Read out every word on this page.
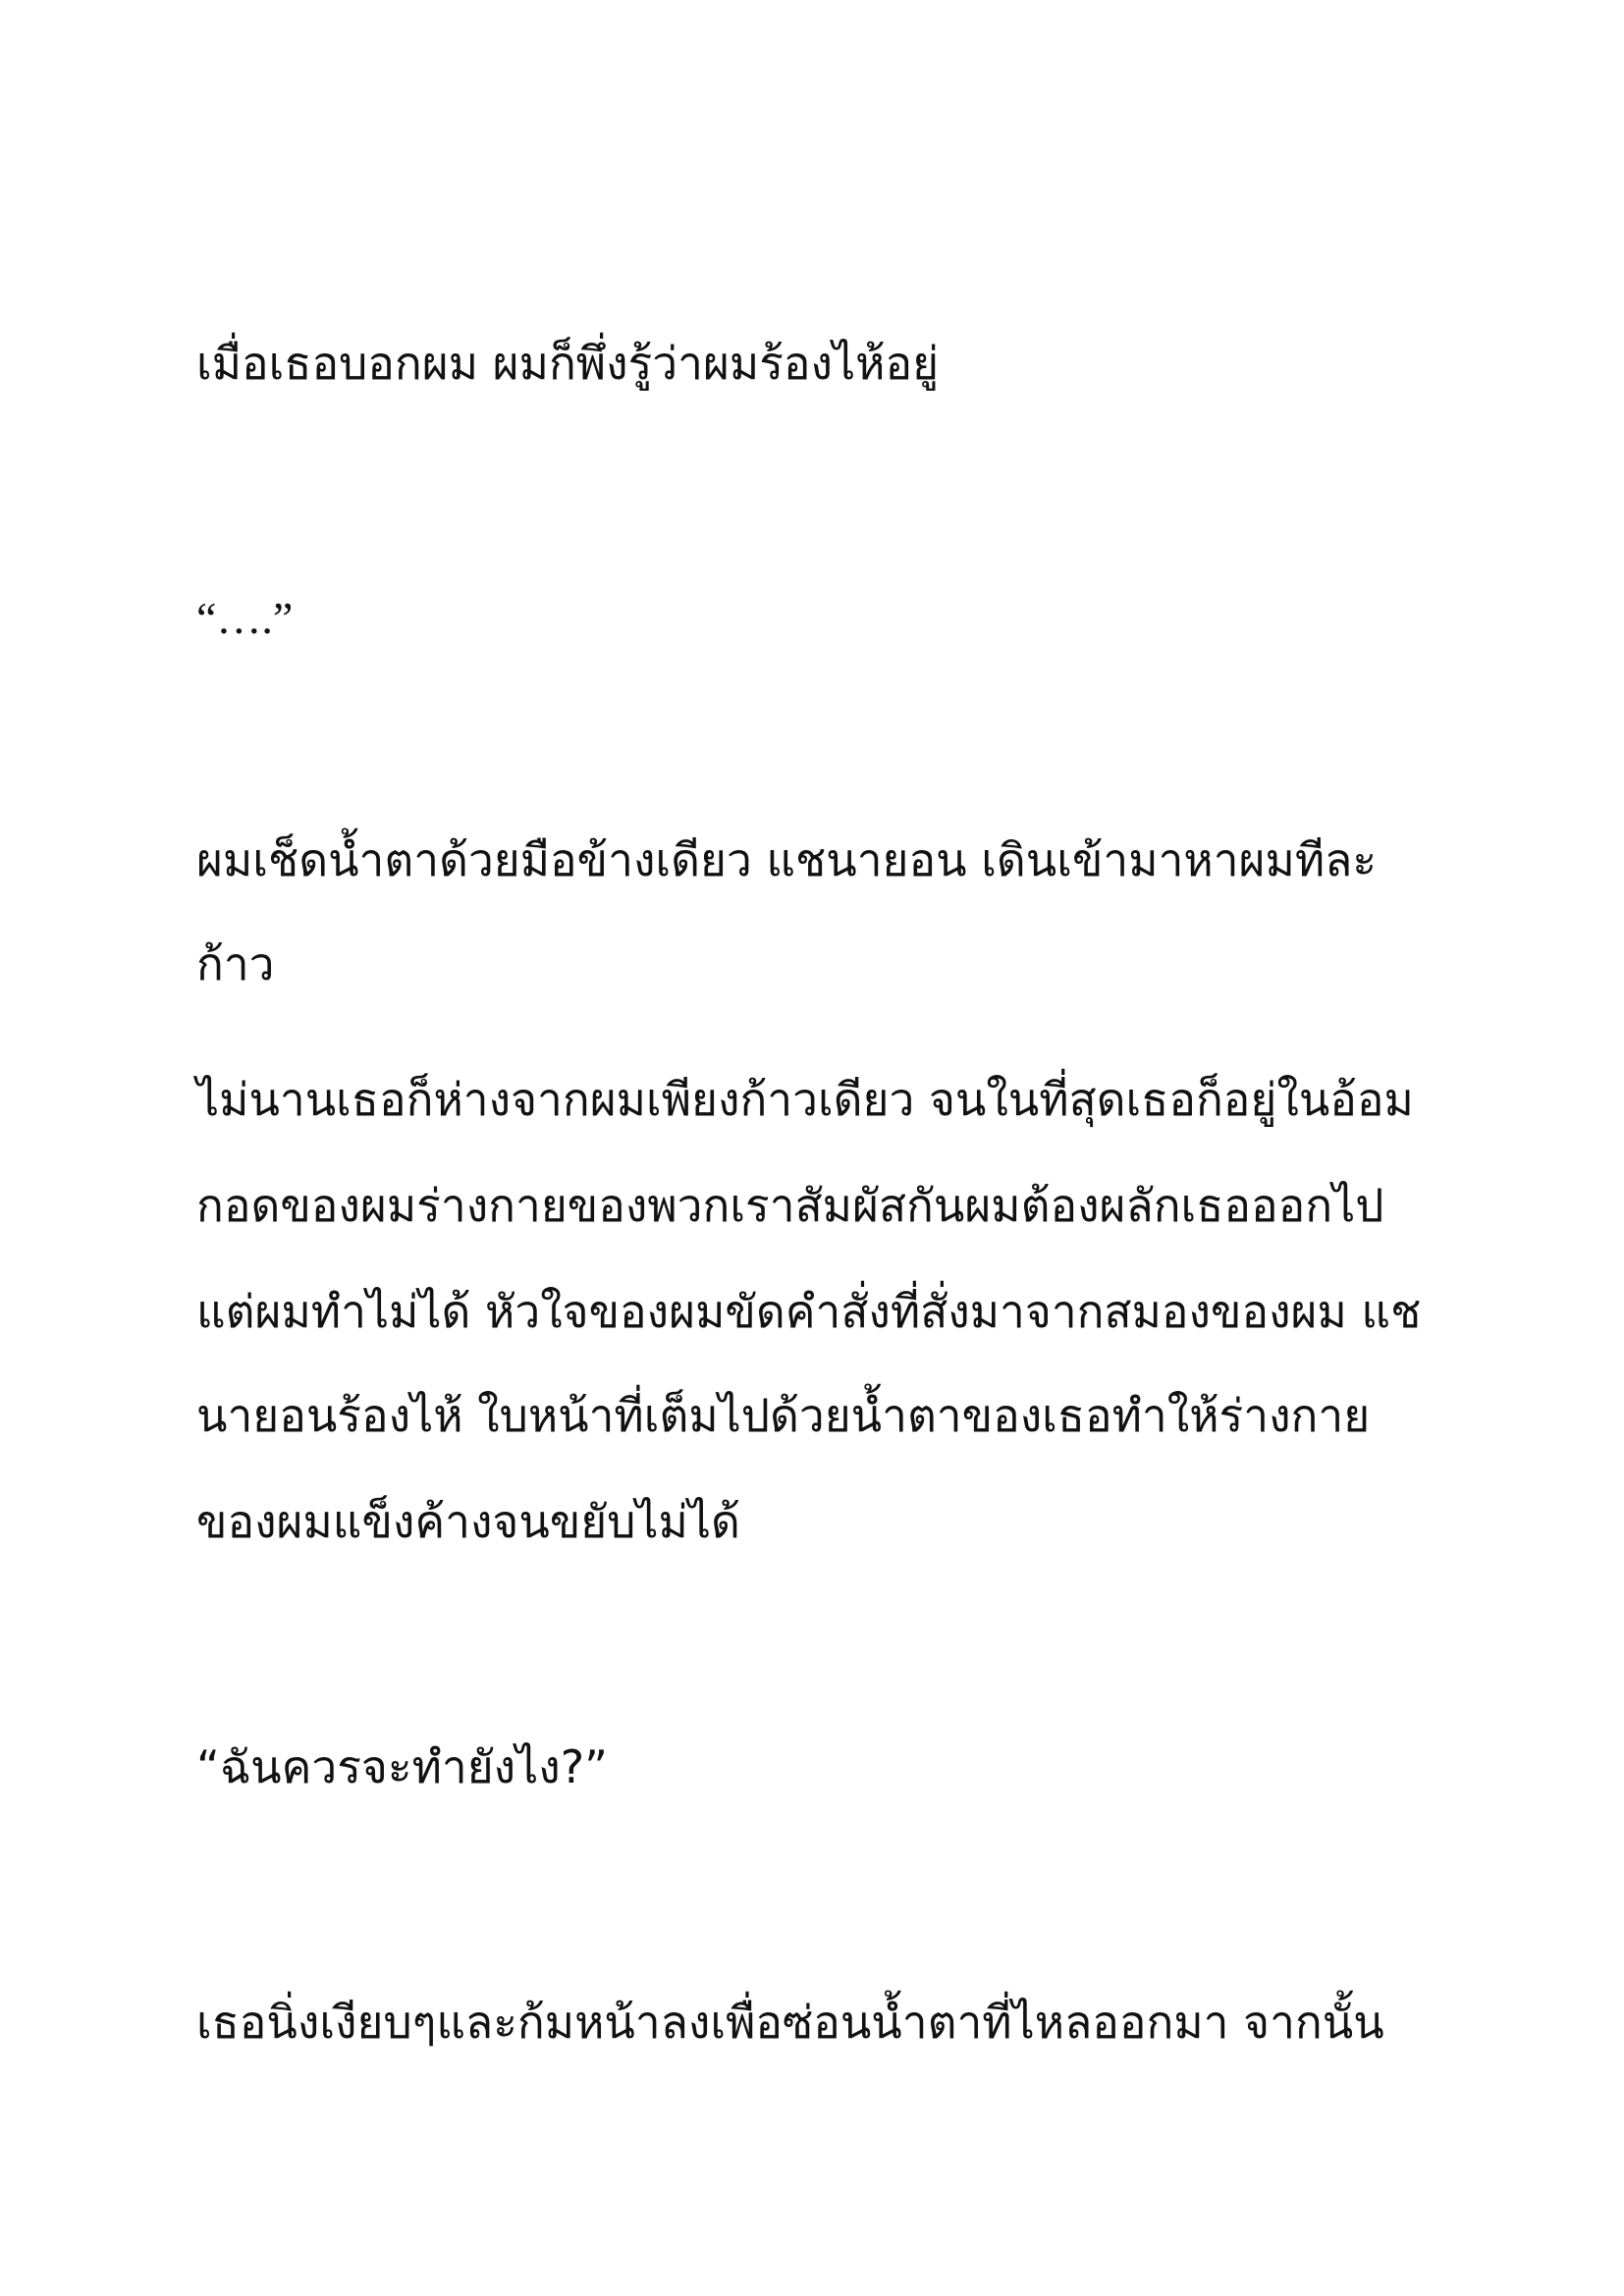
เมื่อเธอบอกผม ผมก็พึ่งรู้ว่าผมร้องไห้อยู่
“….”
ผมเช็ดน้ำตาด้วยมือข้างเดียว แชนายอน เดินเข้ามาหาผมทีละ
ก้าว
ไม่นานเธอก็ห่างจากผมเพียงก้าวเดียว จนในที่สุดเธอก็อยู่ในอ้อม
กอดของผมร่างกายของพวกเราสัมผัสกันผมต้องผลักเธอออกไป
แต่ผมทำไม่ได้ หัวใจของผมขัดคำสั่งที่สั่งมาจากสมองของผม แช
นายอนร้องไห้ ใบหน้าที่เต็มไปด้วยน้ำตาของเธอทำให้ร่างกาย
ของผมแข็งค้างจนขยับไม่ได้
“ฉันควรจะทำยังไง?”
เธอนิ่งเงียบๆและก้มหน้าลงเพื่อซ่อนน้ำตาที่ไหลออกมา จากนั้น
